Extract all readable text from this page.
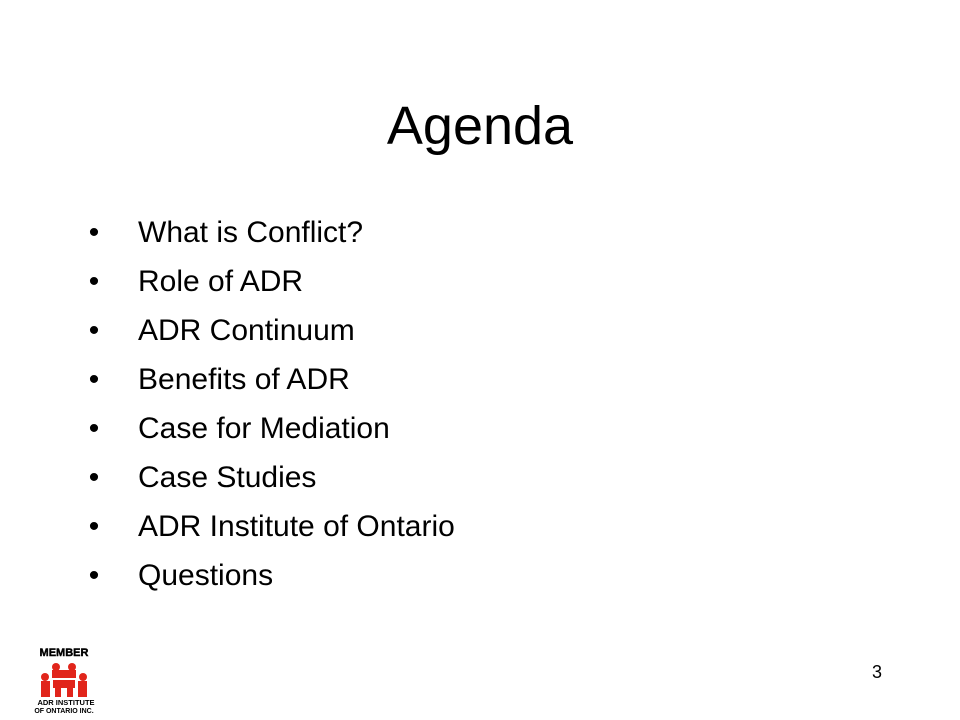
Agenda
• What is Conflict?
• Role of ADR
• ADR Continuum
• Benefits of ADR
• Case for Mediation
• Case Studies
• ADR Institute of Ontario
• Questions
MEMBER
ADR INSTITUTE
OF ONTARIO INC.
3
